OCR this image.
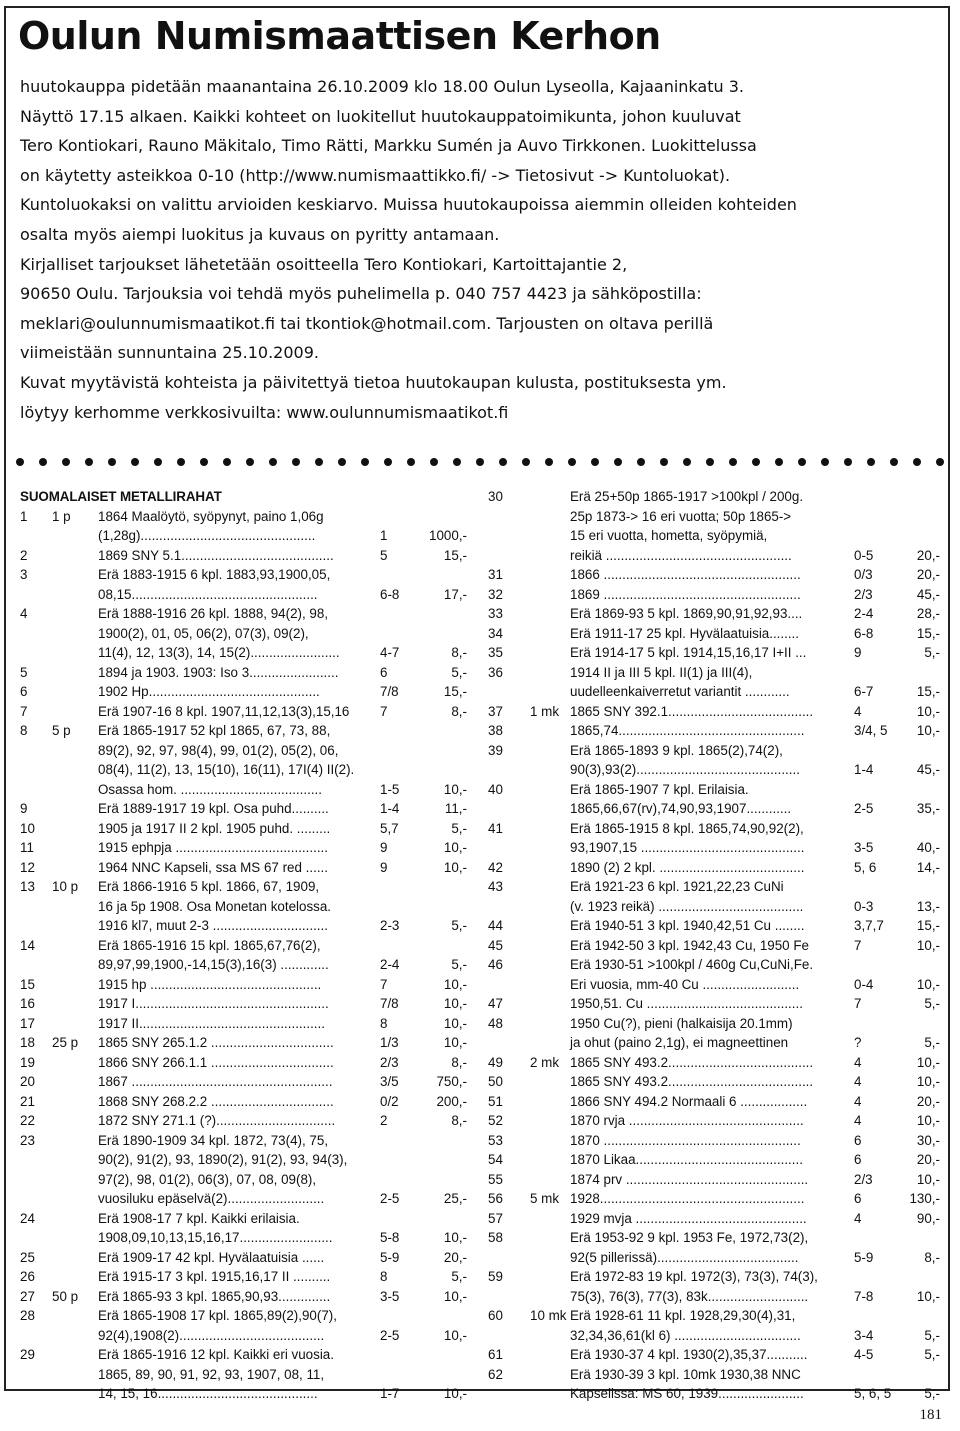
Oulun Numismaattisen Kerhon
huutokauppa pidetään maanantaina 26.10.2009 klo 18.00 Oulun Lyseolla, Kajaaninkatu 3.
Näyttö 17.15 alkaen. Kaikki kohteet on luokitellut huutokauppatoimikunta, johon kuuluvat
Tero Kontiokari, Rauno Mäkitalo, Timo Rätti, Markku Sumén ja Auvo Tirkkonen. Luokittelussa
on käytetty asteikkoa 0-10 (http://www.numismaattikko.fi/ -> Tietosivut -> Kuntoluokat).
Kuntoluokaksi on valittu arvioiden keskiarvo. Muissa huutokaupoissa aiemmin olleiden kohteiden
osalta myös aiempi luokitus ja kuvaus on pyritty antamaan.
Kirjalliset tarjoukset lähetetään osoitteella Tero Kontiokari, Kartoittajantie 2,
90650 Oulu. Tarjouksia voi tehdä myös puhelimella p. 040 757 4423 ja sähköpostilla:
meklari@oulunnumismaatikot.fi tai tkontiok@hotmail.com. Tarjousten on oltava perillä
viimeistään sunnuntaina 25.10.2009.
Kuvat myytävistä kohteista ja päivitettyä tietoa huutokaupan kulusta, postituksesta ym.
löytyy kerhomme verkkosivuilta: www.oulunnumismaatikot.fi
SUOMALAISET METALLIRAHAT
1 1 p 1864 Maalöytö, syöpynyt, paino 1,06g
(1,28g)...............................................	1	1000,-
2	1869 SNY 5.1.........................................	5	15,-
3	Erä 1883-1915 6 kpl. 1883,93,1900,05,
08,15..................................................	6-8	17,-
4	Erä 1888-1916 26 kpl. 1888, 94(2), 98,
1900(2), 01, 05, 06(2), 07(3), 09(2),
11(4), 12, 13(3), 14, 15(2)........................	4-7	8,-
5	1894 ja 1903. 1903: Iso 3........................	6	5,-
6	1902 Hp..............................................	7/8	15,-
7	Erä 1907-16 8 kpl. 1907,11,12,13(3),15,16 7	8,-
8 5 p Erä 1865-1917 52 kpl 1865, 67, 73, 88,
89(2), 92, 97, 98(4), 99, 01(2), 05(2), 06,
08(4), 11(2), 13, 15(10), 16(11), 17I(4) II(2).
Osassa hom. ......................................	1-5	10,-
9	Erä 1889-1917 19 kpl. Osa puhd..........	1-4	11,-
10	1905 ja 1917 II 2 kpl. 1905 puhd. .........	5,7	5,-
11	1915 ephpja .........................................	9	10,-
12	1964 NNC Kapseli, ssa MS 67 red ......	9	10,-
13 10 p Erä 1866-1916 5 kpl. 1866, 67, 1909,
16 ja 5p 1908. Osa Monetan kotelossa.
1916 kl7, muut 2-3 ...............................	2-3	5,-
14	Erä 1865-1916 15 kpl. 1865,67,76(2),
89,97,99,1900,-14,15(3),16(3) .............	2-4	5,-
15	1915 hp ..............................................	7	10,-
16	1917 I....................................................	7/8	10,-
17	1917 II..................................................	8	10,-
18 25 p 1865 SNY 265.1.2 .................................	1/3	10,-
19	1866 SNY 266.1.1 .................................	2/3	8,-
20	1867 ......................................................	3/5	750,-
21	1868 SNY 268.2.2 .................................	0/2	200,-
22	1872 SNY 271.1 (?)................................	2	8,-
23	Erä 1890-1909 34 kpl. 1872, 73(4), 75,
90(2), 91(2), 93, 1890(2), 91(2), 93, 94(3),
97(2), 98, 01(2), 06(3), 07, 08, 09(8),
vuosiluku epäselvä(2)..........................	2-5	25,-
24	Erä 1908-17 7 kpl. Kaikki erilaisia.
1908,09,10,13,15,16,17.........................	5-8	10,-
25	Erä 1909-17 42 kpl. Hyvälaatuisia ......	5-9	20,-
26	Erä 1915-17 3 kpl. 1915,16,17 II ..........	8	5,-
27 50 p Erä 1865-93 3 kpl. 1865,90,93..............	3-5	10,-
28	Erä 1865-1908 17 kpl. 1865,89(2),90(7),
92(4),1908(2).......................................	2-5	10,-
29	Erä 1865-1916 12 kpl. Kaikki eri vuosia.
1865, 89, 90, 91, 92, 93, 1907, 08, 11,
14, 15, 16...........................................	1-7	10,-
30	Erä 25+50p 1865-1917 >100kpl / 200g.
25p 1873-> 16 eri vuotta; 50p 1865->
15 eri vuotta, hometta, syöpymiä,
reikiä ..................................................	0-5	20,-
31	1866 .....................................................	0/3	20,-
32	1869 .....................................................	2/3	45,-
33	Erä 1869-93 5 kpl. 1869,90,91,92,93....	2-4	28,-
34	Erä 1911-17 25 kpl. Hyvälaatuisia........	6-8	15,-
35	Erä 1914-17 5 kpl. 1914,15,16,17 I+II ...	9	5,-
36	1914 II ja III 5 kpl. II(1) ja III(4),
uudelleenkaiverretut variantit ............	6-7	15,-
37 1 mk 1865 SNY 392.1.......................................	4	10,-
38	1865,74..................................................	3/4, 5	10,-
39	Erä 1865-1893 9 kpl. 1865(2),74(2),
90(3),93(2)............................................	1-4	45,-
40	Erä 1865-1907 7 kpl. Erilaisia.
1865,66,67(rv),74,90,93,1907............	2-5	35,-
41	Erä 1865-1915 8 kpl. 1865,74,90,92(2),
93,1907,15 ............................................	3-5	40,-
42	1890 (2) 2 kpl. .......................................	5, 6	14,-
43	Erä 1921-23 6 kpl. 1921,22,23 CuNi
(v. 1923 reikä) .......................................	0-3	13,-
44	Erä 1940-51 3 kpl. 1940,42,51 Cu ........	3,7,7	15,-
45	Erä 1942-50 3 kpl. 1942,43 Cu, 1950 Fe	7	10,-
46	Erä 1930-51 >100kpl / 460g Cu,CuNi,Fe.
Eri vuosia, mm-40 Cu ..........................	0-4	10,-
47	1950,51. Cu ..........................................	7	5,-
48	1950 Cu(?), pieni (halkaisija 20.1mm)
ja ohut (paino 2,1g), ei magneettinen	?	5,-
49 2 mk 1865 SNY 493.2.......................................	4	10,-
50	1865 SNY 493.2.......................................	4	10,-
51	1866 SNY 494.2 Normaali 6 ..................	4	20,-
52	1870 rvja ...............................................	4	10,-
53	1870 .....................................................	6	30,-
54	1870 Likaa.............................................	6	20,-
55	1874 prv .................................................	2/3	10,-
56 5 mk 1928.......................................................	6	130,-
57	1929 mvja ..............................................	4	90,-
58	Erä 1953-92 9 kpl. 1953 Fe, 1972,73(2),
92(5 pillerissä)......................................	5-9	8,-
59	Erä 1972-83 19 kpl. 1972(3), 73(3), 74(3),
75(3), 76(3), 77(3), 83k...........................	7-8	10,-
60 10 mk Erä 1928-61 11 kpl. 1928,29,30(4),31,
32,34,36,61(kl 6) ..................................	3-4	5,-
61	Erä 1930-37 4 kpl. 1930(2),35,37...........	4-5	5,-
62	Erä 1930-39 3 kpl. 10mk 1930,38 NNC
Kapselissa: MS 60, 1939.......................	5, 6, 5	5,-
181
